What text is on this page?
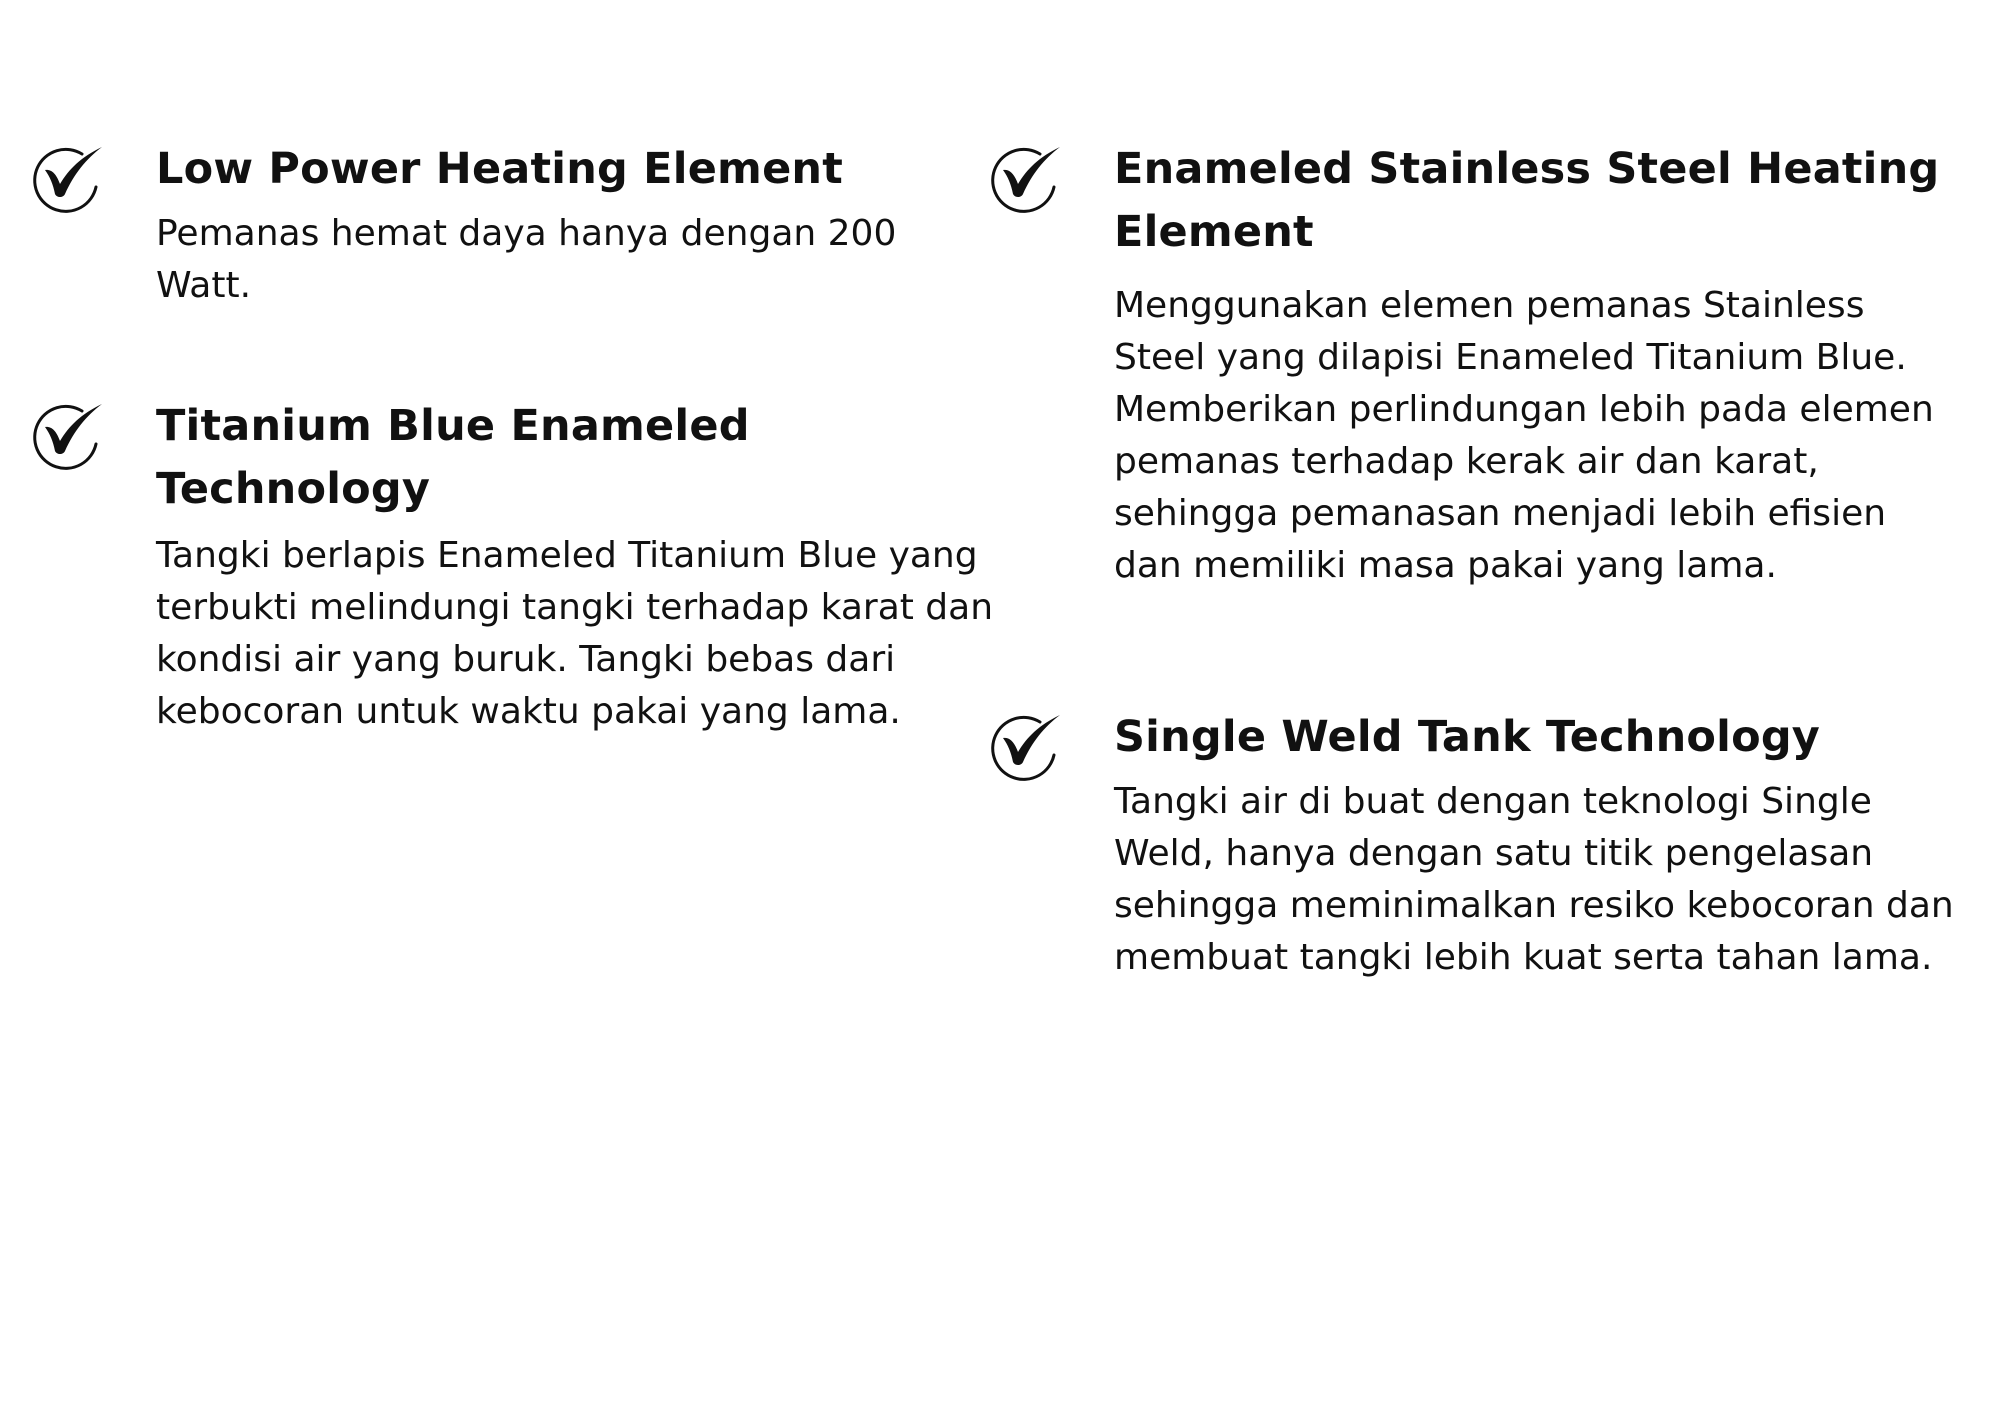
Low Power Heating Element

Pemanas hemat daya hanya dengan 200 Watt.

Titanium Blue Enameled Technology

Tangki berlapis Enameled Titanium Blue yang terbukti melindungi tangki terhadap karat dan kondisi air yang buruk. Tangki bebas dari kebocoran untuk waktu pakai yang lama.

Enameled Stainless Steel Heating Element

Menggunakan elemen pemanas Stainless Steel yang dilapisi Enameled Titanium Blue. Memberikan perlindungan lebih pada elemen pemanas terhadap kerak air dan karat, sehingga pemanasan menjadi lebih efisien dan memiliki masa pakai yang lama.

Single Weld Tank Technology

Tangki air di buat dengan teknologi Single Weld, hanya dengan satu titik pengelasan sehingga meminimalkan resiko kebocoran dan membuat tangki lebih kuat serta tahan lama.
